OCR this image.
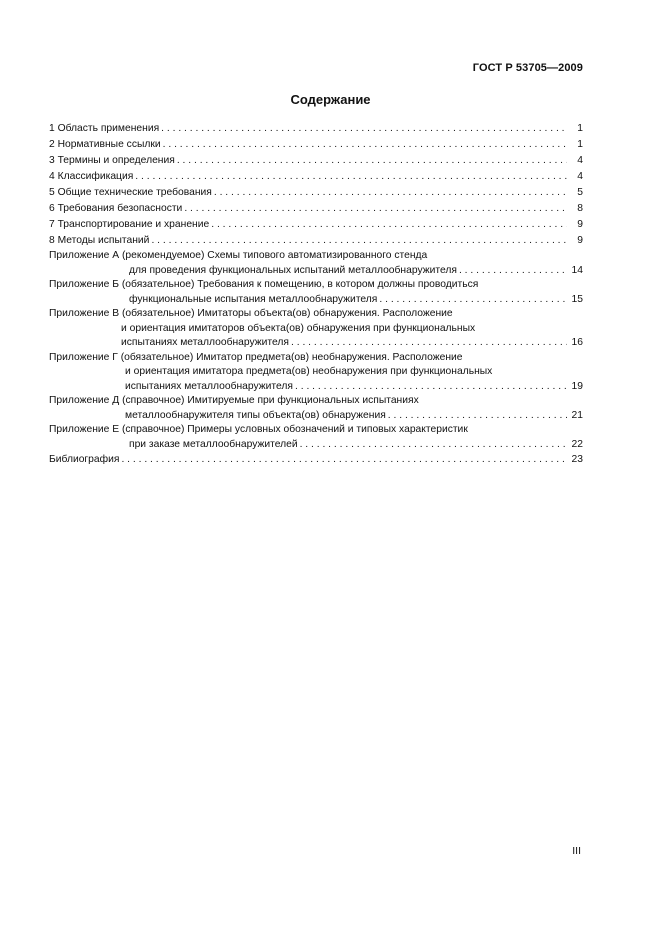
ГОСТ Р 53705—2009
Содержание
1 Область применения . . .	1
2 Нормативные ссылки . . .	1
3 Термины и определения . . .	4
4 Классификация . . .	4
5 Общие технические требования . . .	5
6 Требования безопасности . . .	8
7 Транспортирование и хранение . . .	9
8 Методы испытаний . . .	9
Приложение А (рекомендуемое) Схемы типового автоматизированного стенда
для проведения функциональных испытаний металлообнаружителя . . .	14
Приложение Б (обязательное) Требования к помещению, в котором должны проводиться
функциональные испытания металлообнаружителя . . .	15
Приложение В (обязательное) Имитаторы объекта(ов) обнаружения. Расположение
и ориентация имитаторов объекта(ов) обнаружения при функциональных
испытаниях металлообнаружителя . . .	16
Приложение Г (обязательное) Имитатор предмета(ов) необнаружения. Расположение
и ориентация имитатора предмета(ов) необнаружения при функциональных
испытаниях металлообнаружителя . . .	19
Приложение Д (справочное) Имитируемые при функциональных испытаниях
металлообнаружителя типы объекта(ов) обнаружения . . .	21
Приложение Е (справочное) Примеры условных обозначений и типовых характеристик
при заказе металлообнаружителей . . .	22
Библиография . . .	23
III
